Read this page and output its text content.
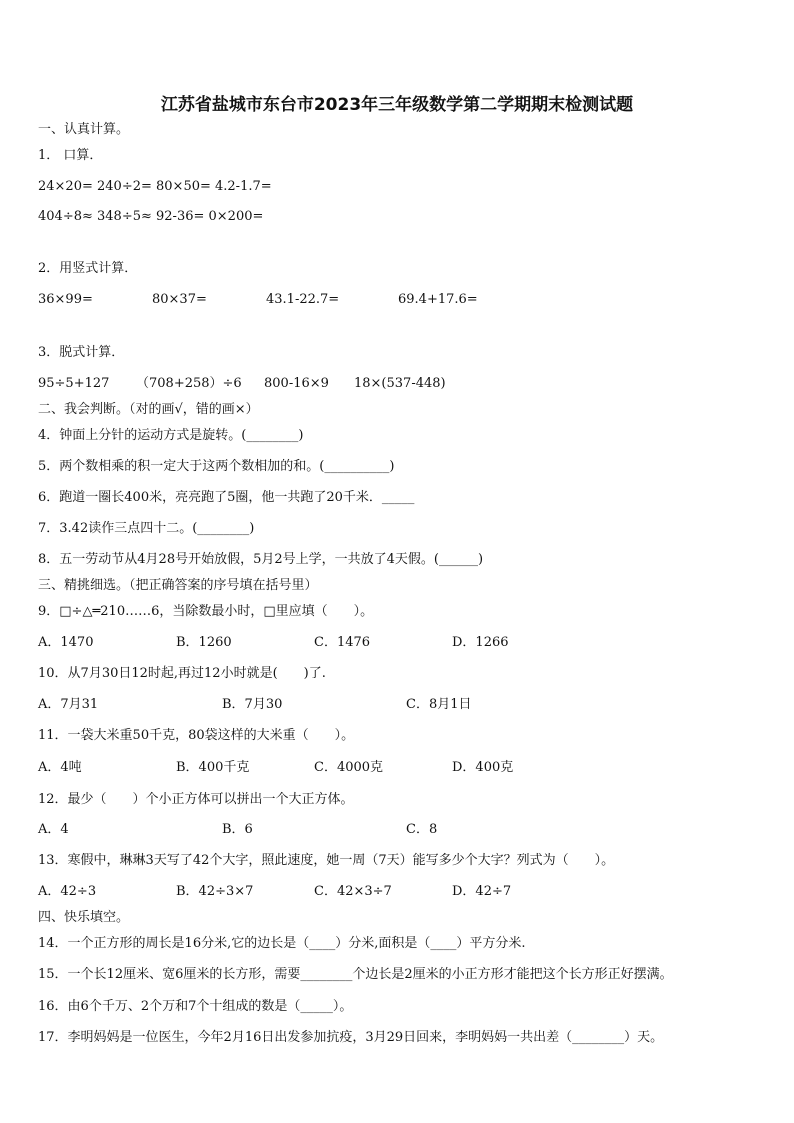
江苏省盐城市东台市2023年三年级数学第二学期期末检测试题
一、认真计算。
1． 口算．
24×20= 240÷2= 80×50= 4.2-1.7=
404÷8≈ 348÷5≈ 92-36= 0×200=
2．用竖式计算．
36×99=	80×37=	43.1-22.7=	69.4+17.6=
3．脱式计算．
95÷5+127 （708+258）÷6 800-16×9 18×(537-448)
二、我会判断。（对的画√，错的画×）
4．钟面上分针的运动方式是旋转。(________)
5．两个数相乘的积一定大于这两个数相加的和。(__________)
6．跑道一圈长400米，亮亮跑了5圈，他一共跑了20千米．_____
7．3.42读作三点四十二。(________)
8．五一劳动节从4月28号开始放假，5月2号上学，一共放了4天假。(______)
三、精挑细选。（把正确答案的序号填在括号里）
9．□÷△═210……6，当除数最小时，□里应填（　　）。
A．1470	B．1260	C．1476	D．1266
10．从7月30日12时起,再过12小时就是(　　)了.
A．7月31	B．7月30	C．8月1日
11．一袋大米重50千克，80袋这样的大米重（　　）。
A．4吨	B．400千克	C．4000克	D．400克
12．最少（　　）个小正方体可以拼出一个大正方体。
A．4	B．6	C．8
13．寒假中，琳琳3天写了42个大字，照此速度，她一周（7天）能写多少个大字？列式为（　　）。
A．42÷3	B．42÷3×7	C．42×3÷7	D．42÷7
四、快乐填空。
14．一个正方形的周长是16分米,它的边长是（____）分米,面积是（____）平方分米.
15．一个长12厘米、宽6厘米的长方形，需要________个边长是2厘米的小正方形才能把这个长方形正好摆满。
16．由6个千万、2个万和7个十组成的数是（_____）。
17．李明妈妈是一位医生，今年2月16日出发参加抗疫，3月29日回来，李明妈妈一共出差（________）天。
